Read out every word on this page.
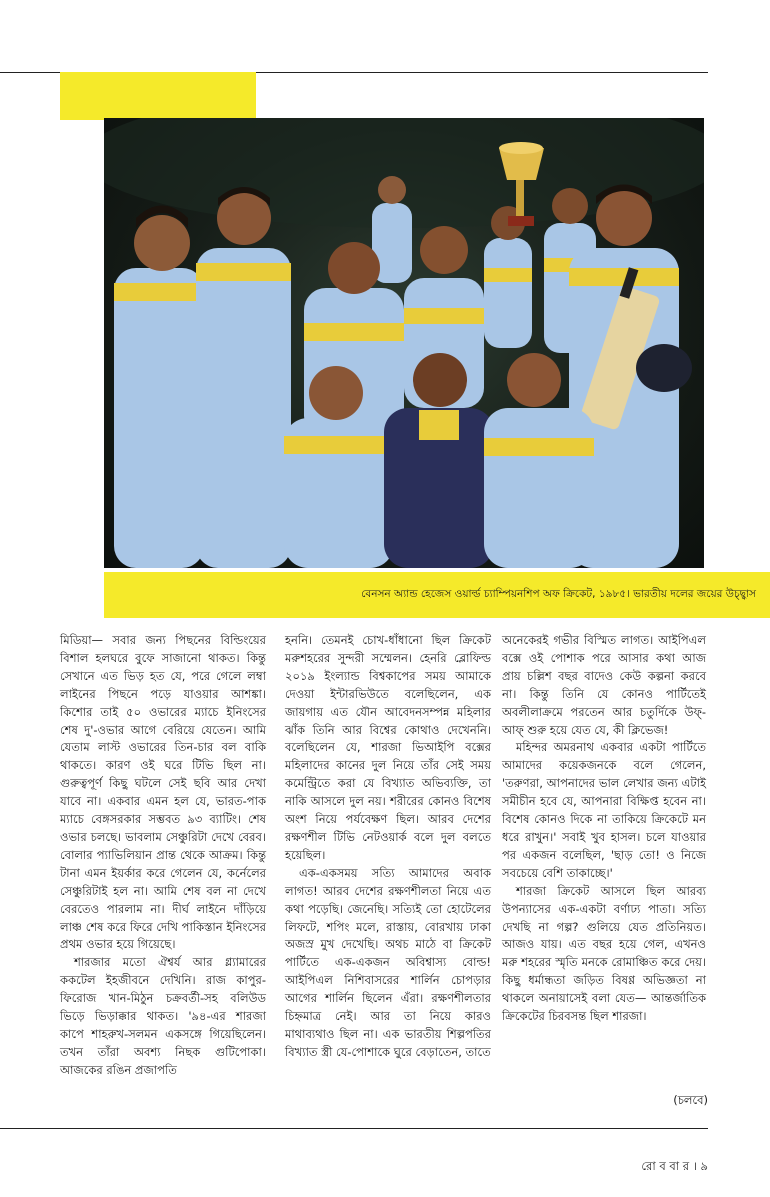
বেনসন অ্যান্ড হেজেস ওয়ার্ল্ড চ্যাম্পিয়নশিপ অফ ক্রিকেট, ১৯৮৫। ভারতীয় দলের জয়ের উচ্ছ্বাস

মিডিয়া— সবার জন্য পিছনের বিল্ডিংয়ের বিশাল হলঘরে বুফে সাজানো থাকত। কিন্তু সেখানে এত ভিড় হত যে, পরে গেলে লম্বা লাইনের পিছনে পড়ে যাওয়ার আশঙ্কা। কিশোর তাই ৫০ ওভারের ম্যাচে ইনিংসের শেষ দু'-ওভার আগে বেরিয়ে যেতেন। আমি যেতাম লাস্ট ওভারের তিন-চার বল বাকি থাকতে। কারণ ওই ঘরে টিভি ছিল না। গুরুত্বপূর্ণ কিছু ঘটলে সেই ছবি আর দেখা যাবে না। একবার এমন হল যে, ভারত-পাক ম্যাচে বেঙ্গসরকার সম্ভবত ৯৩ ব্যাটিং। শেষ ওভার চলছে। ভাবলাম সেঞ্চুরিটা দেখে বেরব। বোলার প্যাভিলিয়ান প্রান্ত থেকে আক্রম। কিন্তু টানা এমন ইয়র্কার করে গেলেন যে, কর্নেলের সেঞ্চুরিটাই হল না। আমি শেষ বল না দেখে বেরতেও পারলাম না। দীর্ঘ লাইনে দাঁড়িয়ে লাঞ্চ শেষ করে ফিরে দেখি পাকিস্তান ইনিংসের প্রথম ওভার হয়ে গিয়েছে।

শারজার মতো ঐশ্বর্য আর গ্ল্যামারের ককটেল ইহজীবনে দেখিনি। রাজ কাপুর-ফিরোজ খান-মিঠুন চক্রবর্তী-সহ বলিউড ভিড়ে ভিড়াক্কার থাকত। '৯৪-এর শারজা কাপে শাহরুখ-সলমন একসঙ্গে গিয়েছিলেন। তখন তাঁরা অবশ্য নিছক গুটিপোকা। আজকের রঙিন প্রজাপতি

হননি। তেমনই চোখ-ধাঁধানো ছিল ক্রিকেট মরুশহরের সুন্দরী সম্মেলন। হেনরি ব্লোফিল্ড ২০১৯ ইংল্যান্ড বিশ্বকাপের সময় আমাকে দেওয়া ইন্টারভিউতে বলেছিলেন, এক জায়গায় এত যৌন আবেদনসম্পন্ন মহিলার ঝাঁক তিনি আর বিশ্বের কোথাও দেখেননি। বলেছিলেন যে, শারজা ভিআইপি বক্সের মহিলাদের কানের দুল নিয়ে তাঁর সেই সময় কমেন্ট্রিতে করা যে বিখ্যাত অভিব্যক্তি, তা নাকি আসলে দুল নয়। শরীরের কোনও বিশেষ অংশ নিয়ে পর্যবেক্ষণ ছিল। আরব দেশের রক্ষণশীল টিভি নেটওয়ার্ক বলে দুল বলতে হয়েছিল।

এক-একসময় সত্যি আমাদের অবাক লাগত! আরব দেশের রক্ষণশীলতা নিয়ে এত কথা পড়েছি। জেনেছি। সত্যিই তো হোটেলের লিফটে, শপিং মলে, রাস্তায়, বোরখায় ঢাকা অজস্র মুখ দেখেছি। অথচ মাঠে বা ক্রিকেট পার্টিতে এক-একজন অবিশ্বাস্য বোল্ড! আইপিএল নিশিবাসরের শার্লিন চোপড়ার আগের শার্লিন ছিলেন এঁরা। রক্ষণশীলতার চিহ্নমাত্র নেই। আর তা নিয়ে কারও মাথাব্যথাও ছিল না। এক ভারতীয় শিল্পপতির বিখ্যাত স্ত্রী যে-পোশাকে ঘুরে বেড়াতেন, তাতে

অনেকেরই গভীর বিস্মিত লাগত। আইপিএল বক্সে ওই পোশাক পরে আসার কথা আজ প্রায় চল্লিশ বছর বাদেও কেউ কল্পনা করবে না। কিন্তু তিনি যে কোনও পার্টিতেই অবলীলাক্রমে পরতেন আর চতুর্দিকে উফ্-আফ্ শুরু হয়ে যেত যে, কী ক্লিভেজ!

মহিন্দর অমরনাথ একবার একটা পার্টিতে আমাদের কয়েকজনকে বলে গেলেন, 'তরুণরা, আপনাদের ভাল লেখার জন্য এটাই সমীচীন হবে যে, আপনারা বিক্ষিপ্ত হবেন না। বিশেষ কোনও দিকে না তাকিয়ে ক্রিকেটে মন ধরে রাখুন।' সবাই খুব হাসল। চলে যাওয়ার পর একজন বলেছিল, 'ছাড় তো! ও নিজে সবচেয়ে বেশি তাকাচ্ছে।'

শারজা ক্রিকেট আসলে ছিল আরব্য উপন্যাসের এক-একটা বর্ণাঢ্য পাতা। সত্যি দেখছি না গল্প? গুলিয়ে যেত প্রতিনিয়ত। আজও যায়। এত বছর হয়ে গেল, এখনও মরু শহরের স্মৃতি মনকে রোমাঞ্চিত করে দেয়। কিছু ধর্মান্ধতা জড়িত বিষণ্ণ অভিজ্ঞতা না থাকলে অনায়াসেই বলা যেত— আন্তর্জাতিক ক্রিকেটের চিরবসন্ত ছিল শারজা।

(চলবে)
রো ব বা র । ৯
